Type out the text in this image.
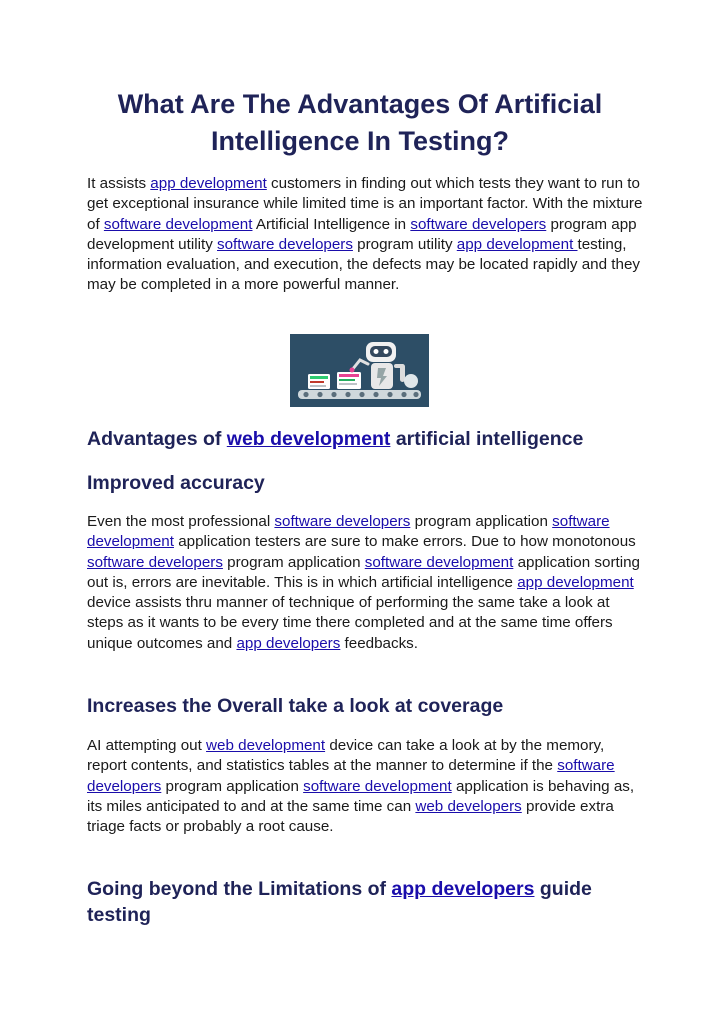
What Are The Advantages Of Artificial Intelligence In Testing?

It assists app development customers in finding out which tests they want to run to get exceptional insurance while limited time is an important factor. With the mixture of software development Artificial Intelligence in software developers program app development utility software developers program utility app development testing, information evaluation, and execution, the defects may be located rapidly and they may be completed in a more powerful manner.

Advantages of web development artificial intelligence
Improved accuracy

Even the most professional software developers program application software development application testers are sure to make errors. Due to how monotonous software developers program application software development application sorting out is, errors are inevitable. This is in which artificial intelligence app development device assists thru manner of technique of performing the same take a look at steps as it wants to be every time there completed and at the same time offers unique outcomes and app developers feedbacks.

Increases the Overall take a look at coverage

AI attempting out web development device can take a look at by the memory, report contents, and statistics tables at the manner to determine if the software developers program application software development application is behaving as, its miles anticipated to and at the same time can web developers provide extra triage facts or probably a root cause.

Going beyond the Limitations of app developers guide testing
